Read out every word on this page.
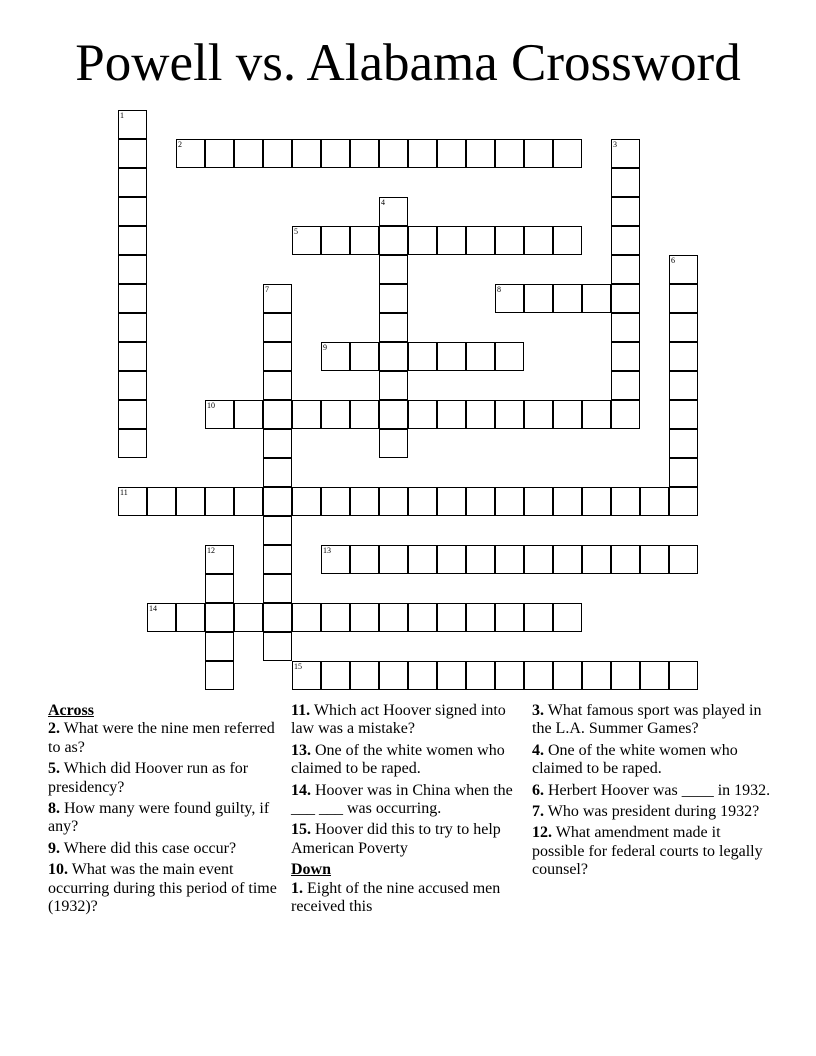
Powell vs. Alabama Crossword
1
2	3
4
5
6
7	8
9
10
11
12	13
14
15
Across
2. What were the nine men referred to as?
5. Which did Hoover run as for presidency?
8. How many were found guilty, if any?
9. Where did this case occur?
10. What was the main event occurring during this period of time (1932)?
11. Which act Hoover signed into law was a mistake?
13. One of the white women who claimed to be raped.
14. Hoover was in China when the ___ ___ was occurring.
15. Hoover did this to try to help American Poverty
Down
1. Eight of the nine accused men received this
3. What famous sport was played in the L.A. Summer Games?
4. One of the white women who claimed to be raped.
6. Herbert Hoover was ____ in 1932.
7. Who was president during 1932?
12. What amendment made it possible for federal courts to legally counsel?
